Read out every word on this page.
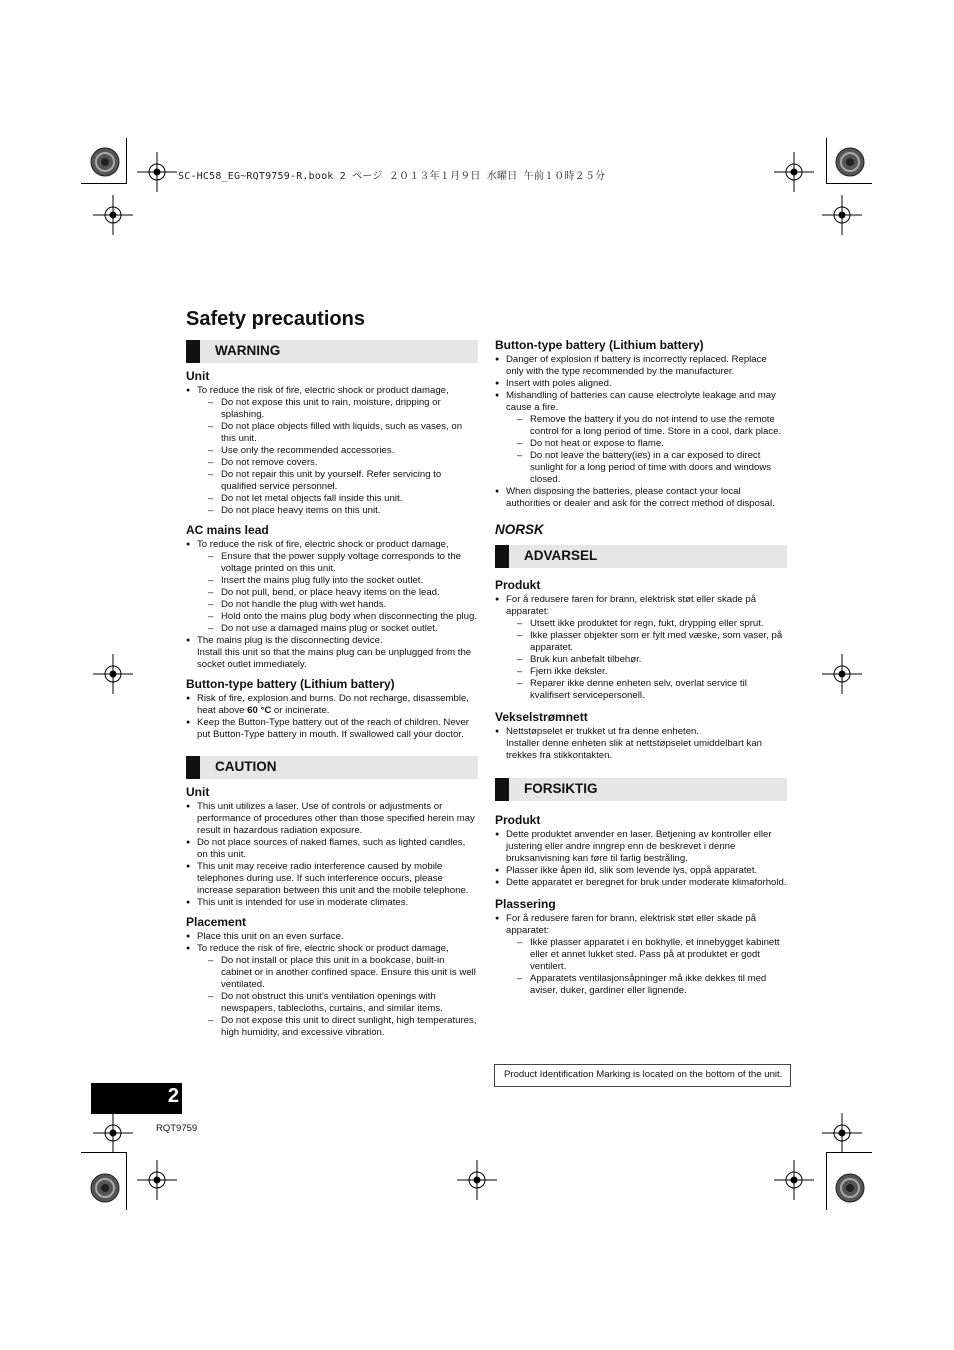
SC-HC58_EG~RQT9759-R.book 2 ページ ２０１３年１月９日 水曜日 午前１０時２５分
Safety precautions
WARNING
Unit
● To reduce the risk of fire, electric shock or product damage,
– Do not expose this unit to rain, moisture, dripping or splashing.
– Do not place objects filled with liquids, such as vases, on this unit.
– Use only the recommended accessories.
– Do not remove covers.
– Do not repair this unit by yourself. Refer servicing to qualified service personnel.
– Do not let metal objects fall inside this unit.
– Do not place heavy items on this unit.
AC mains lead
● To reduce the risk of fire, electric shock or product damage,
– Ensure that the power supply voltage corresponds to the voltage printed on this unit.
– Insert the mains plug fully into the socket outlet.
– Do not pull, bend, or place heavy items on the lead.
– Do not handle the plug with wet hands.
– Hold onto the mains plug body when disconnecting the plug.
– Do not use a damaged mains plug or socket outlet.
● The mains plug is the disconnecting device.
Install this unit so that the mains plug can be unplugged from the socket outlet immediately.
Button-type battery (Lithium battery)
● Risk of fire, explosion and burns. Do not recharge, disassemble, heat above 60 °C or incinerate.
● Keep the Button-Type battery out of the reach of children. Never put Button-Type battery in mouth. If swallowed call your doctor.
CAUTION
Unit
● This unit utilizes a laser. Use of controls or adjustments or performance of procedures other than those specified herein may result in hazardous radiation exposure.
● Do not place sources of naked flames, such as lighted candles, on this unit.
● This unit may receive radio interference caused by mobile telephones during use. If such interference occurs, please increase separation between this unit and the mobile telephone.
● This unit is intended for use in moderate climates.
Placement
● Place this unit on an even surface.
● To reduce the risk of fire, electric shock or product damage,
– Do not install or place this unit in a bookcase, built-in cabinet or in another confined space. Ensure this unit is well ventilated.
– Do not obstruct this unit’s ventilation openings with newspapers, tablecloths, curtains, and similar items.
– Do not expose this unit to direct sunlight, high temperatures, high humidity, and excessive vibration.
Button-type battery (Lithium battery)
● Danger of explosion if battery is incorrectly replaced. Replace only with the type recommended by the manufacturer.
● Insert with poles aligned.
● Mishandling of batteries can cause electrolyte leakage and may cause a fire.
– Remove the battery if you do not intend to use the remote control for a long period of time. Store in a cool, dark place.
– Do not heat or expose to flame.
– Do not leave the battery(ies) in a car exposed to direct sunlight for a long period of time with doors and windows closed.
● When disposing the batteries, please contact your local authorities or dealer and ask for the correct method of disposal.
NORSK
ADVARSEL
Produkt
● For å redusere faren for brann, elektrisk støt eller skade på apparatet:
– Utsett ikke produktet for regn, fukt, drypping eller sprut.
– Ikke plasser objekter som er fylt med væske, som vaser, på apparatet.
– Bruk kun anbefalt tilbehør.
– Fjern ikke deksler.
– Reparer ikke denne enheten selv, overlat service til kvalifisert servicepersonell.
Vekselstrømnett
● Nettstøpselet er trukket ut fra denne enheten.
Installer denne enheten slik at nettstøpselet umiddelbart kan trekkes fra stikkontakten.
FORSIKTIG
Produkt
● Dette produktet anvender en laser. Betjening av kontroller eller justering eller andre inngrep enn de beskrevet i denne bruksanvisning kan føre til farlig bestråling.
● Plasser ikke åpen ild, slik som levende lys, oppå apparatet.
● Dette apparatet er beregnet for bruk under moderate klimaforhold.
Plassering
● For å redusere faren for brann, elektrisk støt eller skade på apparatet:
– Ikke plasser apparatet i en bokhylle, et innebygget kabinett eller et annet lukket sted. Pass på at produktet er godt ventilert.
– Apparatets ventilasjonsåpninger må ikke dekkes til med aviser, duker, gardiner eller lignende.
Product Identification Marking is located on the bottom of the unit.
2
RQT9759
